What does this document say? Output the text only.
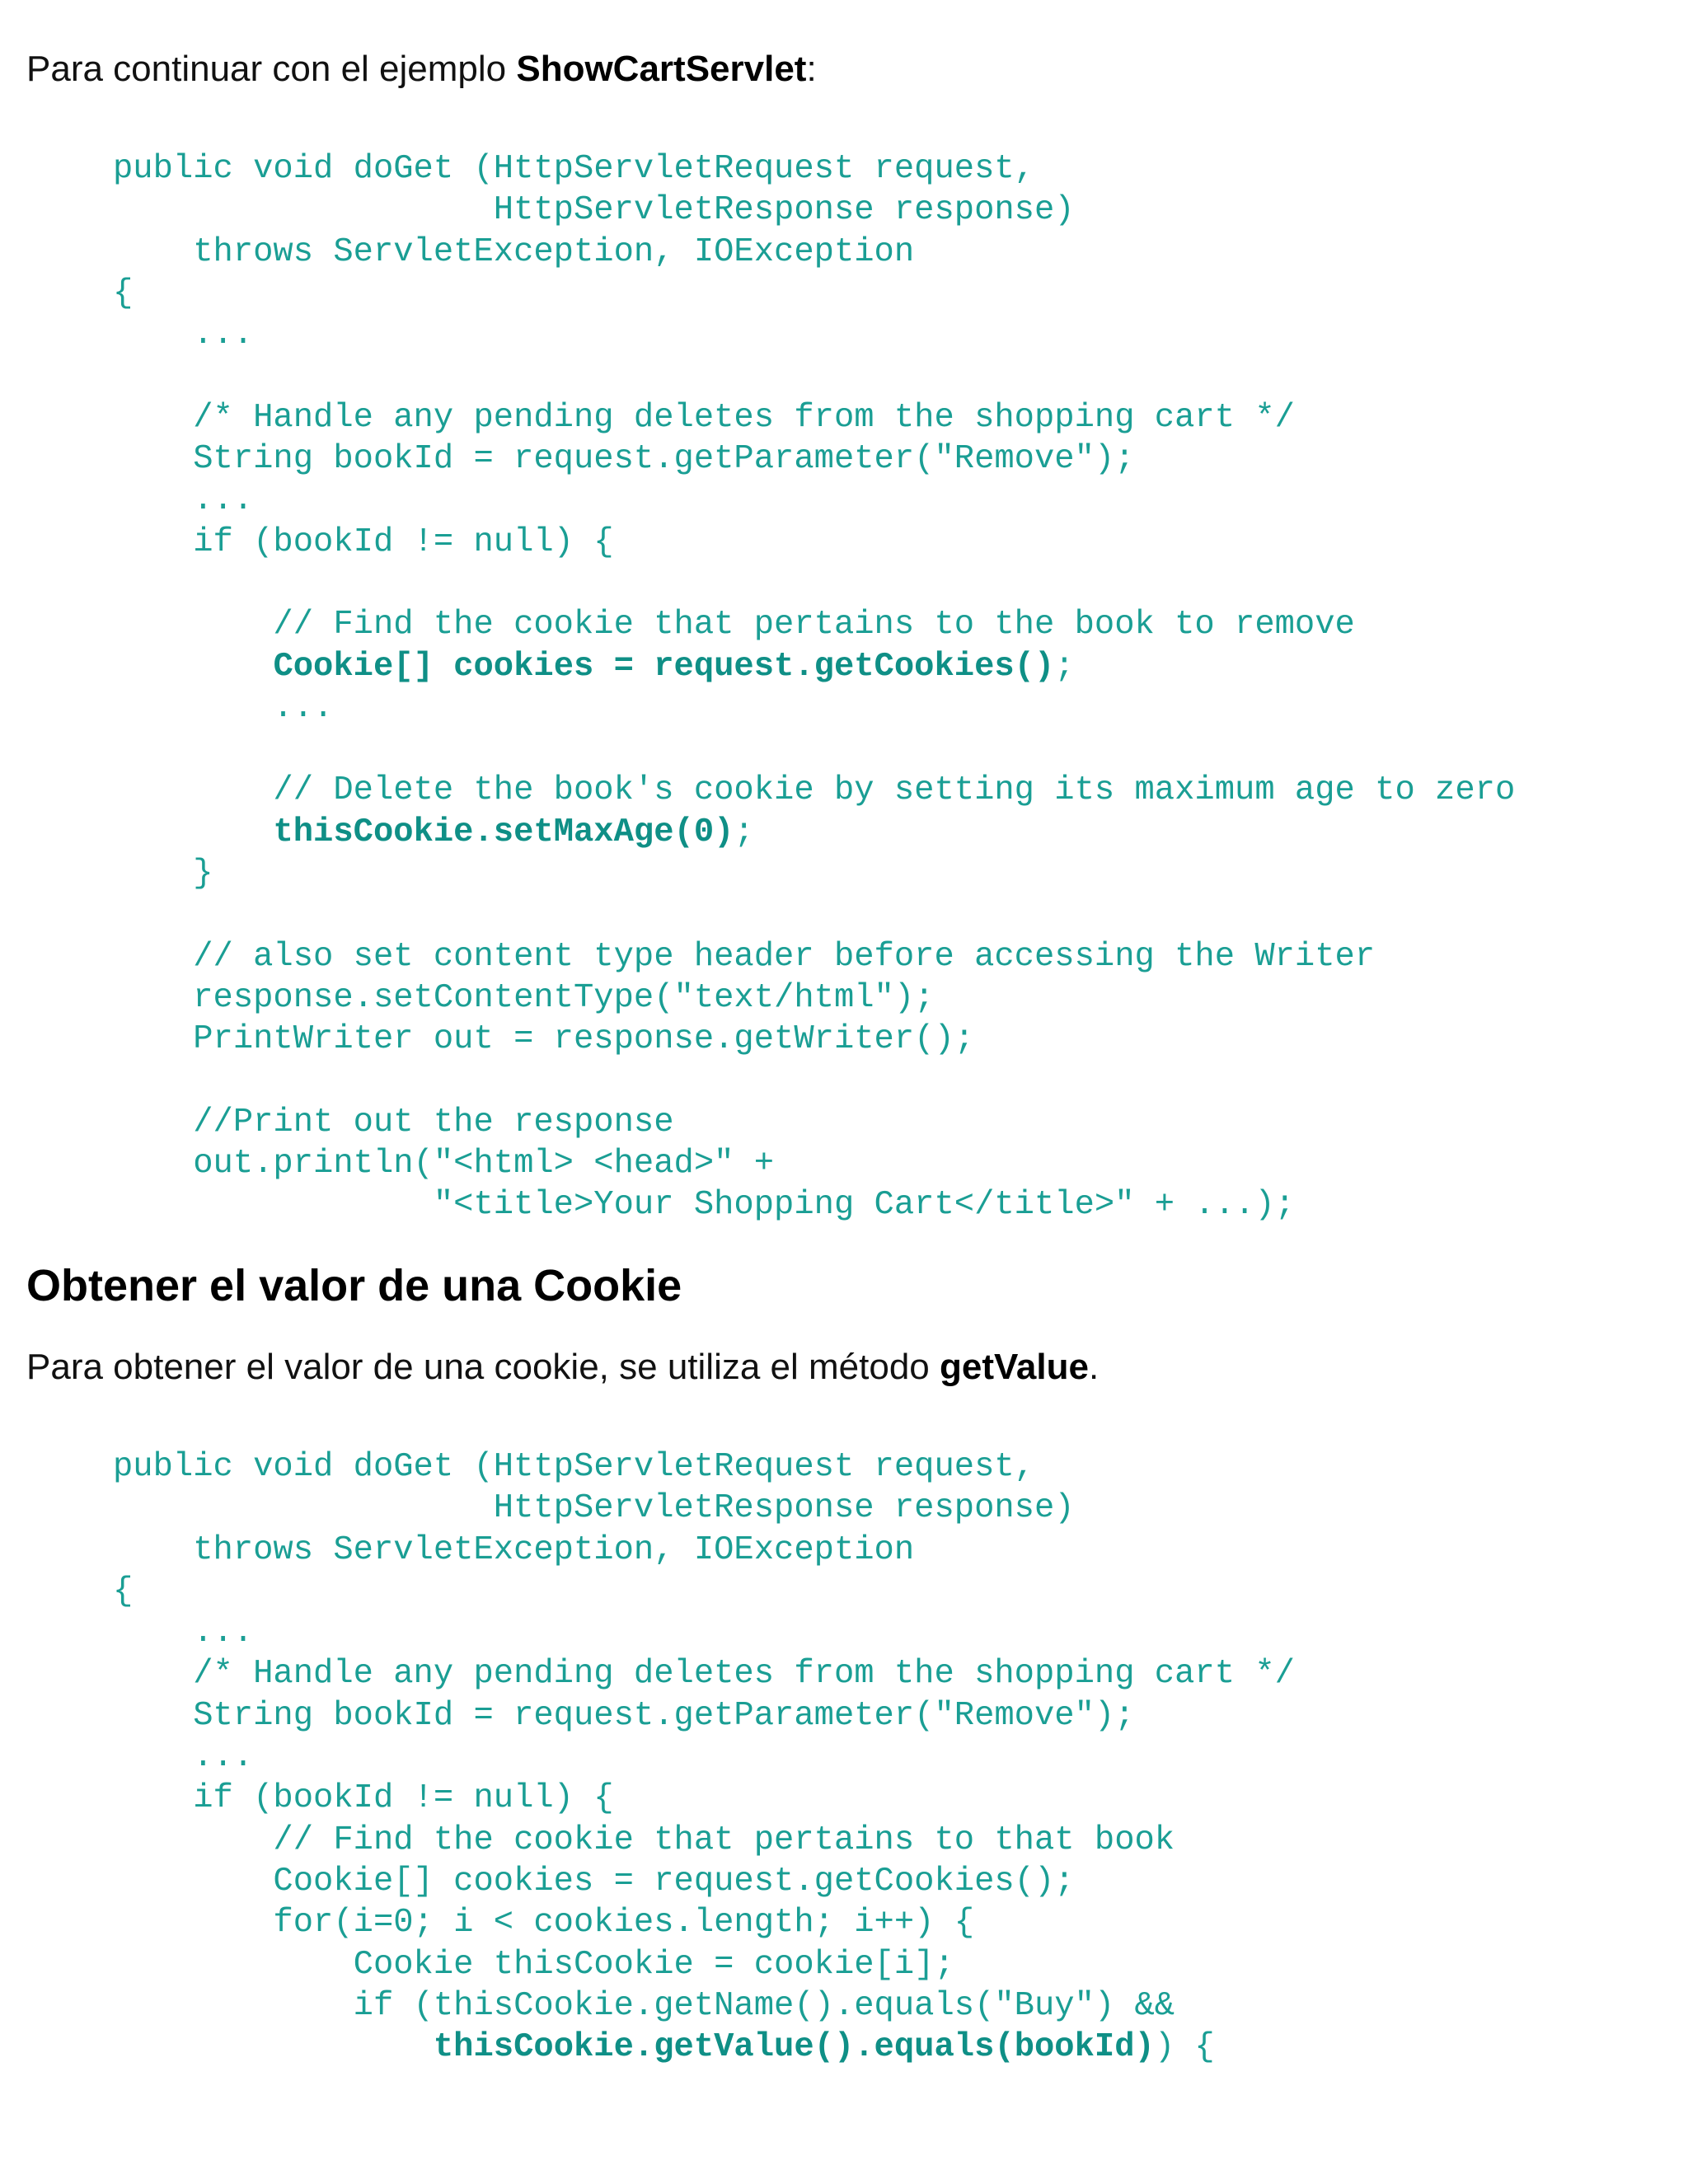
Para continuar con el ejemplo ShowCartServlet:

public void doGet (HttpServletRequest request,
HttpServletResponse response)
throws ServletException, IOException
{
...

/* Handle any pending deletes from the shopping cart */
String bookId = request.getParameter("Remove");
...
if (bookId != null) {

// Find the cookie that pertains to the book to remove
Cookie[] cookies = request.getCookies();
...

// Delete the book's cookie by setting its maximum age to zero
thisCookie.setMaxAge(0);
}

// also set content type header before accessing the Writer
response.setContentType("text/html");
PrintWriter out = response.getWriter();

//Print out the response
out.println("<html> <head>" +
"<title>Your Shopping Cart</title>" + ...);
Obtener el valor de una Cookie

Para obtener el valor de una cookie, se utiliza el método getValue.

public void doGet (HttpServletRequest request,
HttpServletResponse response)
throws ServletException, IOException
{
...
/* Handle any pending deletes from the shopping cart */
String bookId = request.getParameter("Remove");
...
if (bookId != null) {
// Find the cookie that pertains to that book
Cookie[] cookies = request.getCookies();
for(i=0; i < cookies.length; i++) {
Cookie thisCookie = cookie[i];
if (thisCookie.getName().equals("Buy") &&
thisCookie.getValue().equals(bookId)) {
